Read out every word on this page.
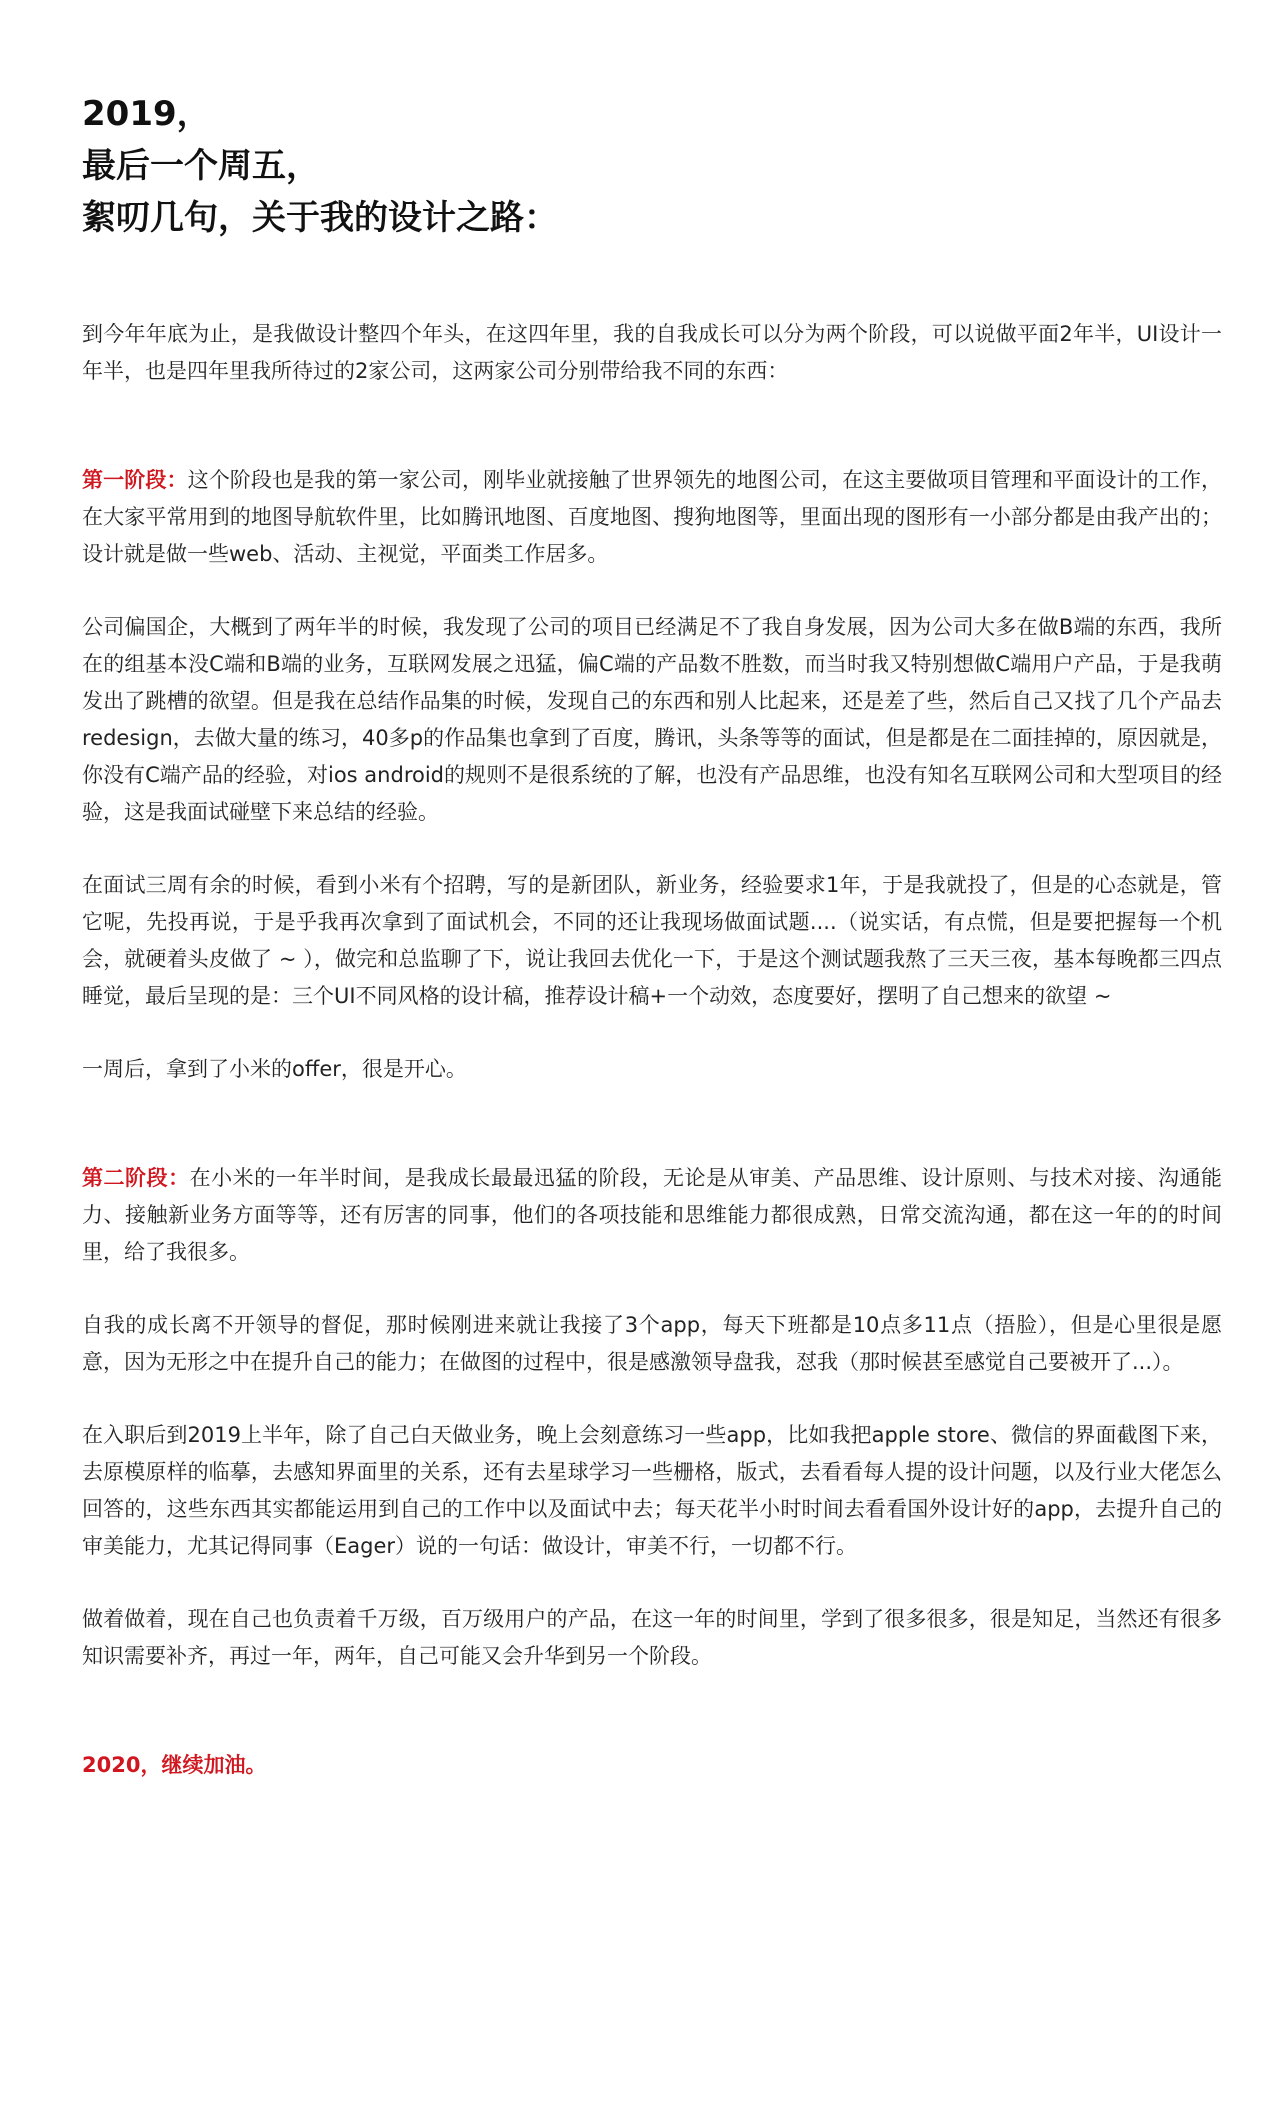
2019，
最后一个周五，
絮叨几句，关于我的设计之路：

到今年年底为止，是我做设计整四个年头，在这四年里，我的自我成长可以分为两个阶段，可以说做平面2年半，UI设计一年半，也是四年里我所待过的2家公司，这两家公司分别带给我不同的东西：

第一阶段：这个阶段也是我的第一家公司，刚毕业就接触了世界领先的地图公司，在这主要做项目管理和平面设计的工作，在大家平常用到的地图导航软件里，比如腾讯地图、百度地图、搜狗地图等，里面出现的图形有一小部分都是由我产出的；设计就是做一些web、活动、主视觉，平面类工作居多。

公司偏国企，大概到了两年半的时候，我发现了公司的项目已经满足不了我自身发展，因为公司大多在做B端的东西，我所在的组基本没C端和B端的业务，互联网发展之迅猛，偏C端的产品数不胜数，而当时我又特别想做C端用户产品，于是我萌发出了跳槽的欲望。但是我在总结作品集的时候，发现自己的东西和别人比起来，还是差了些，然后自己又找了几个产品去redesign，去做大量的练习，40多p的作品集也拿到了百度，腾讯，头条等等的面试，但是都是在二面挂掉的，原因就是，你没有C端产品的经验，对ios android的规则不是很系统的了解，也没有产品思维，也没有知名互联网公司和大型项目的经验，这是我面试碰壁下来总结的经验。

在面试三周有余的时候，看到小米有个招聘，写的是新团队，新业务，经验要求1年，于是我就投了，但是的心态就是，管它呢，先投再说，于是乎我再次拿到了面试机会，不同的还让我现场做面试题....（说实话，有点慌，但是要把握每一个机会，就硬着头皮做了 ~ ），做完和总监聊了下，说让我回去优化一下，于是这个测试题我熬了三天三夜，基本每晚都三四点睡觉，最后呈现的是：三个UI不同风格的设计稿，推荐设计稿+一个动效，态度要好，摆明了自己想来的欲望 ~

一周后，拿到了小米的offer，很是开心。

第二阶段：在小米的一年半时间，是我成长最最迅猛的阶段，无论是从审美、产品思维、设计原则、与技术对接、沟通能力、接触新业务方面等等，还有厉害的同事，他们的各项技能和思维能力都很成熟，日常交流沟通，都在这一年的的时间里，给了我很多。

自我的成长离不开领导的督促，那时候刚进来就让我接了3个app，每天下班都是10点多11点（捂脸），但是心里很是愿意，因为无形之中在提升自己的能力；在做图的过程中，很是感激领导盘我，怼我（那时候甚至感觉自己要被开了...）。

在入职后到2019上半年，除了自己白天做业务，晚上会刻意练习一些app，比如我把apple store、微信的界面截图下来，去原模原样的临摹，去感知界面里的关系，还有去星球学习一些栅格，版式，去看看每人提的设计问题，以及行业大佬怎么回答的，这些东西其实都能运用到自己的工作中以及面试中去；每天花半小时时间去看看国外设计好的app，去提升自己的审美能力，尤其记得同事（Eager）说的一句话：做设计，审美不行，一切都不行。

做着做着，现在自己也负责着千万级，百万级用户的产品，在这一年的时间里，学到了很多很多，很是知足，当然还有很多知识需要补齐，再过一年，两年，自己可能又会升华到另一个阶段。

2020，继续加油。
